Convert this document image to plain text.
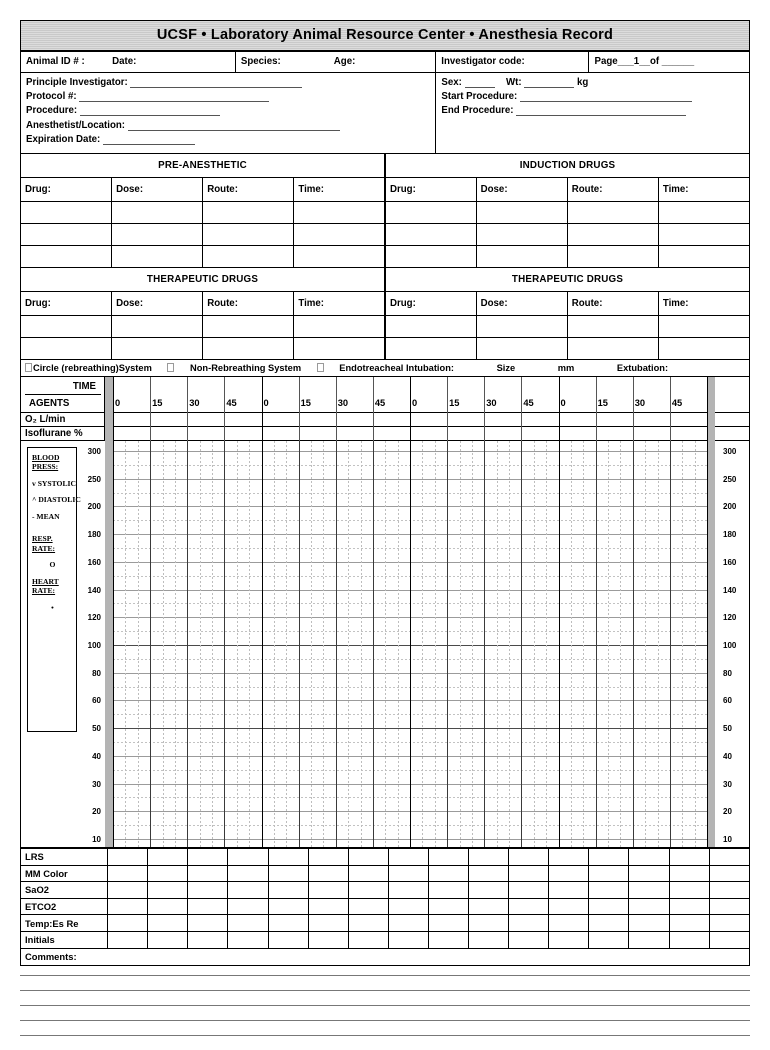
UCSF • Laboratory Animal Resource Center • Anesthesia Record
Animal ID # :	Date:	Species:	Age:	Investigator code:	Page___1__of ______
Principle Investigator:
Protocol #:
Procedure:
Anesthetist/Location:
Expiration Date:

Sex:	Wt:	kg
Start Procedure:
End Procedure:
PRE-ANESTHETIC				INDUCTION DRUGS			
Drug:	Dose:	Route:	Time:	Drug:	Dose:	Route:	Time:

THERAPEUTIC DRUGS				THERAPEUTIC DRUGS			
Drug:	Dose:	Route:	Time:	Drug:	Dose:	Route:	Time:

Circle (rebreathing)System	Non-Rebreathing System	Endotreacheal Intubation:	Size	mm	Extubation:
TIME
AGENTS	0	15	30	45	0	15	30	45	0	15	30	45	0	15	30	45
O₂ L/min
Isoflurane %
300	300
250	250
200	200
180	180
160	160
140	140
120	120
100	100
80	80
60	60
50	50
40	40
30	30
20	20
10	10
BLOOD
PRESS:
v SYSTOLIC
^ DIASTOLIC
- MEAN
RESP. RATE:
O
HEART
RATE:
•
LRS																
MM Color																
SaO2																
ETCO2																
Temp:Es Re																
Initials																
Comments:
